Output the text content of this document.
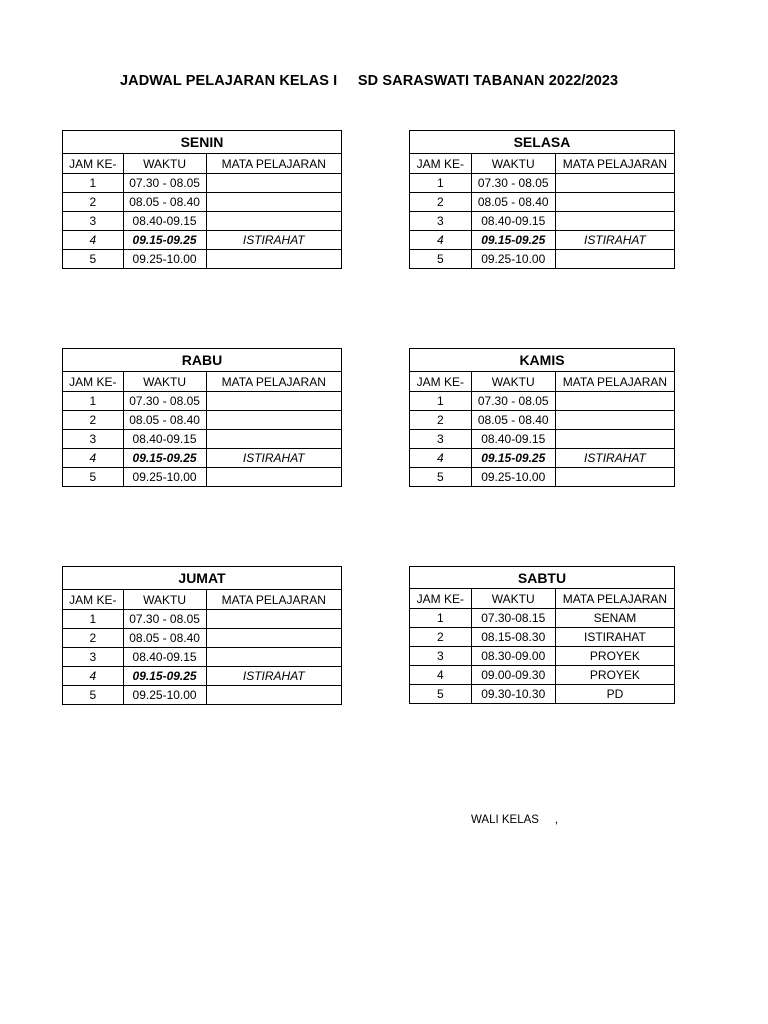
JADWAL PELAJARAN KELAS I     SD SARASWATI TABANAN 2022/2023
SENIN		
JAM KE-	WAKTU	MATA PELAJARAN
1	07.30 - 08.05	
2	08.05 - 08.40	
3	08.40-09.15	
4	09.15-09.25	ISTIRAHAT
5	09.25-10.00	
SELASA		
JAM KE-	WAKTU	MATA PELAJARAN
1	07.30 - 08.05	
2	08.05 - 08.40	
3	08.40-09.15	
4	09.15-09.25	ISTIRAHAT
5	09.25-10.00	
RABU		
JAM KE-	WAKTU	MATA PELAJARAN
1	07.30 - 08.05	
2	08.05 - 08.40	
3	08.40-09.15	
4	09.15-09.25	ISTIRAHAT
5	09.25-10.00	
KAMIS		
JAM KE-	WAKTU	MATA PELAJARAN
1	07.30 - 08.05	
2	08.05 - 08.40	
3	08.40-09.15	
4	09.15-09.25	ISTIRAHAT
5	09.25-10.00	
JUMAT		
JAM KE-	WAKTU	MATA PELAJARAN
1	07.30 - 08.05	
2	08.05 - 08.40	
3	08.40-09.15	
4	09.15-09.25	ISTIRAHAT
5	09.25-10.00	
SABTU		
JAM KE-	WAKTU	MATA PELAJARAN
1	07.30-08.15	SENAM
2	08.15-08.30	ISTIRAHAT
3	08.30-09.00	PROYEK
4	09.00-09.30	PROYEK
5	09.30-10.30	PD
WALI KELAS     ,
